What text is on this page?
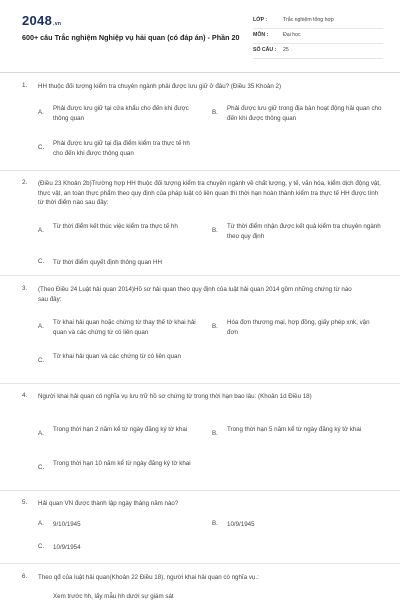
2048.vn
600+ câu Trắc nghiệm Nghiệp vụ hải quan (có đáp án) - Phần 20
LỚP :	Trắc nghiệm tổng hợp
MÔN :	Đại học
SỐ CÂU : 25
1. HH thuộc đối tượng kiểm tra chuyên ngành phải được lưu giữ ở đâu? (Điều 35 Khoản 2)
A.
Phải được lưu giữ tại cửa khẩu cho đến khi được thông quan
B.
Phải được lưu giữ trong địa bàn hoạt động hải quan cho đến khi được thông quan
C.
Phải được lưu giữ tại địa điểm kiểm tra thực tế hh cho đến khi được thông quan
2. (Điều 23 Khoản 2b)Trường hợp HH thuộc đối tượng kiểm tra chuyên ngành về chất lượng, y tế, văn hóa, kiểm dịch động vật, thực vật, an toàn thực phẩm theo quy định của pháp luật có liên quan thì thời hạn hoàn thành kiểm tra thực tế HH được tính từ thời điểm nào sau đây:
A.
Từ thời điểm kết thúc việc kiểm tra thực tế hh
B.
Từ thời điểm nhận được kết quả kiểm tra chuyên ngành theo quy định
C. Từ thời điểm quyết định thông quan HH
3. (Theo Điều 24 Luật hải quan 2014)Hồ sơ hải quan theo quy định của luật hải quan 2014 gồm những chứng từ nào sau đây:
A.
Tờ khai hải quan hoặc chứng từ thay thế tờ khai hải quan và các chứng từ có liên quan
B.
Hóa đơn thương mại, hợp đồng, giấy phép xnk, vận đơn
C.
Tờ khai hải quan và các chứng từ có liên quan
4. Người khai hải quan có nghĩa vụ lưu trữ hồ sơ chứng từ trong thời hạn bao lâu: (Khoản 1d Điều 18)
A.
Trong thời hạn 2 năm kể từ ngày đăng ký tờ khai
B.
Trong thời hạn 5 năm kể từ ngày đăng ký tờ khai
C.
Trong thời hạn 10 năm kể từ ngày đăng ký tờ khai
5. Hải quan VN được thành lập ngày tháng năm nào?
A. 9/10/1945	B. 10/9/1945
C. 10/9/1954
6. Theo qđ của luật hải quan(Khoản 22 Điều 18), người khai hải quan có nghĩa vụ.:
Xem trước hh, lấy mẫu hh dưới sự giám sát
